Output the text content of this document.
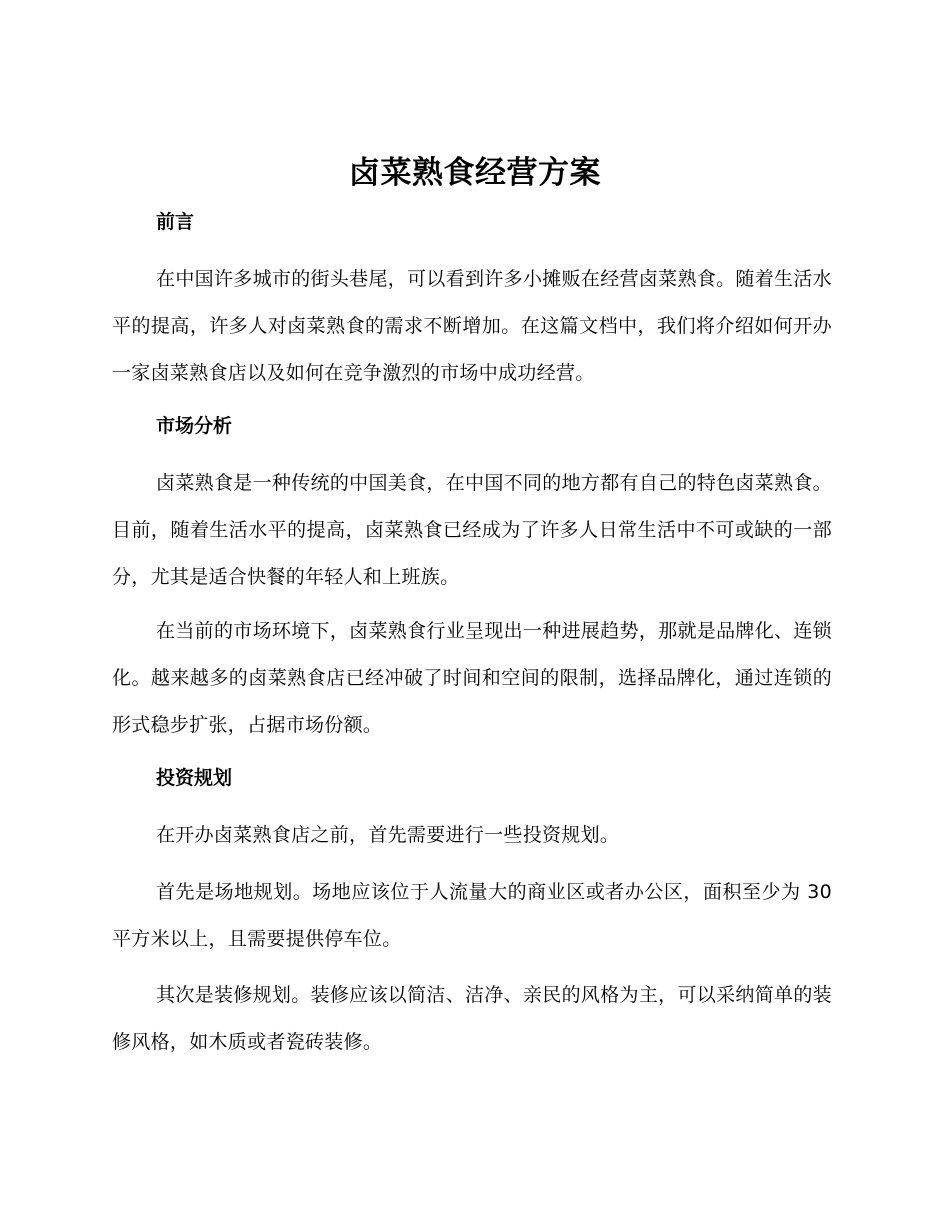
卤菜熟食经营方案
前言

在中国许多城市的街头巷尾，可以看到许多小摊贩在经营卤菜熟食。随着生活水平的提高，许多人对卤菜熟食的需求不断增加。在这篇文档中，我们将介绍如何开办一家卤菜熟食店以及如何在竞争激烈的市场中成功经营。

市场分析

卤菜熟食是一种传统的中国美食，在中国不同的地方都有自己的特色卤菜熟食。目前，随着生活水平的提高，卤菜熟食已经成为了许多人日常生活中不可或缺的一部分，尤其是适合快餐的年轻人和上班族。

在当前的市场环境下，卤菜熟食行业呈现出一种进展趋势，那就是品牌化、连锁化。越来越多的卤菜熟食店已经冲破了时间和空间的限制，选择品牌化，通过连锁的形式稳步扩张，占据市场份额。

投资规划

在开办卤菜熟食店之前，首先需要进行一些投资规划。

首先是场地规划。场地应该位于人流量大的商业区或者办公区，面积至少为 30 平方米以上，且需要提供停车位。

其次是装修规划。装修应该以简洁、洁净、亲民的风格为主，可以采纳简单的装修风格，如木质或者瓷砖装修。
